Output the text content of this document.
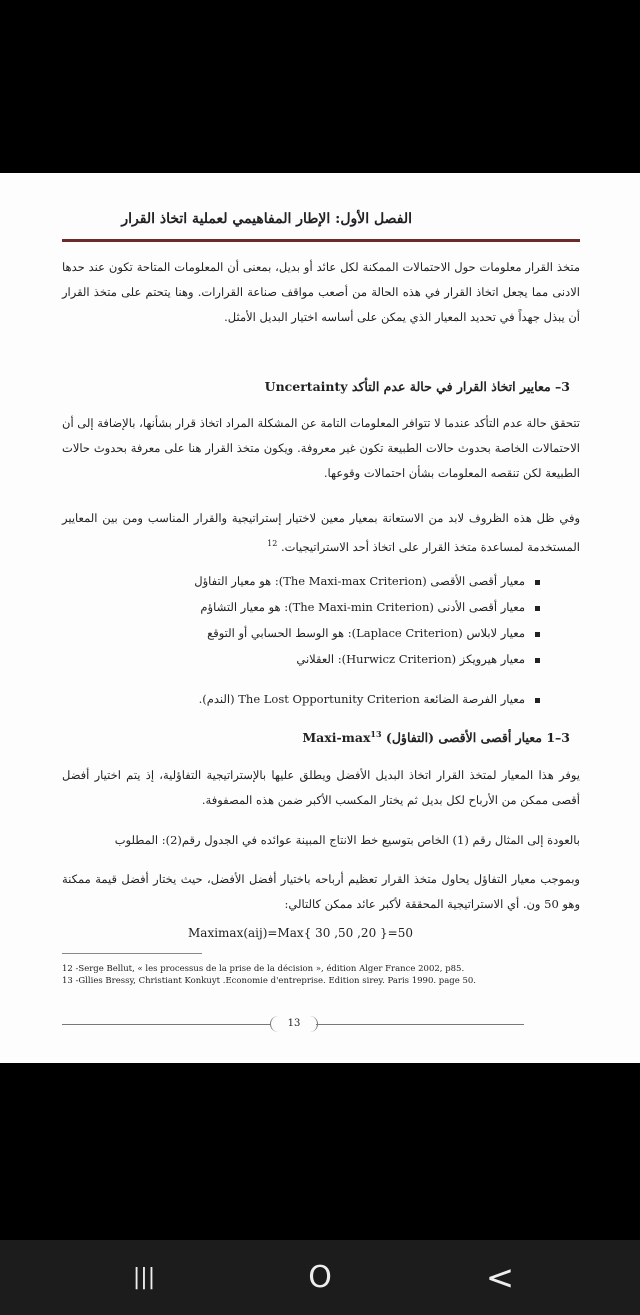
الفصل الأول: الإطار المفاهيمي لعملية اتخاذ القرار

متخذ القرار معلومات حول الاحتمالات الممكنة لكل عائد أو بديل، بمعنى أن المعلومات المتاحة تكون عند حدها الادنى مما يجعل اتخاذ القرار في هذه الحالة من أصعب مواقف صناعة القرارات. وهنا يتحتم على متخذ القرار أن يبذل جهداً في تحديد المعيار الذي يمكن على أساسه اختيار البديل الأمثل.

3– معايير اتخاذ القرار في حالة عدم التأكد Uncertainty

تتحقق حالة عدم التأكد عندما لا تتوافر المعلومات التامة عن المشكلة المراد اتخاذ قرار بشأنها، بالإضافة إلى أن الاحتمالات الخاصة بحدوث حالات الطبيعة تكون غير معروفة. ويكون متخذ القرار هنا على معرفة بحدوث حالات الطبيعة لكن تنقصه المعلومات بشأن احتمالات وقوعها.

وفي ظل هذه الظروف لابد من الاستعانة بمعيار معين لاختيار إستراتيجية والقرار المناسب ومن بين المعايير المستخدمة لمساعدة متخذ القرار على اتخاذ أحد الاستراتيجيات. $^{12}$

معيار أقصى الأقصى (The Maxi-max Criterion): هو معيار التفاؤل
معيار أقصى الأدنى (The Maxi-min Criterion): هو معيار التشاؤم
معيار لابلاس (Laplace Criterion): هو الوسط الحسابي أو التوقع
معيار هيرويكز (Hurwicz Criterion): العقلاني
معيار الفرصة الضائعة The Lost Opportunity Criterion (الندم).
3–1 معيار أقصى الأقصى (التفاؤل) Maxi-$\max^{13}$

يوفر هذا المعيار لمتخذ القرار اتخاذ البديل الأفضل ويطلق عليها بالإستراتيجية التفاؤلية، إذ يتم اختيار أفضل أقصى ممكن من الأرباح لكل بديل ثم يختار المكسب الأكبر ضمن هذه المصفوفة.

بالعودة إلى المثال رقم (1) الخاص بتوسيع خط الانتاج المبينة عوائده في الجدول رقم(2): المطلوب

وبموجب معيار التفاؤل يحاول متخذ القرار تعظيم أرباحه باختيار أفضل الأفضل، حيث يختار أفضل قيمة ممكنة وهو 50 ون. أي الاستراتيجية المحققة لأكبر عائد ممكن كالتالي:

Maximax(aij)=Max{ 30 ,50 ,20 }=50
12 -Serge Bellut, « les processus de la prise de la décision », édition Alger France 2002, p85.
13 -Gllies Bressy, Christiant Konkuyt .Economie d'entreprise. Edition sirey. Paris 1990. page 50.
13
|||	O	<
